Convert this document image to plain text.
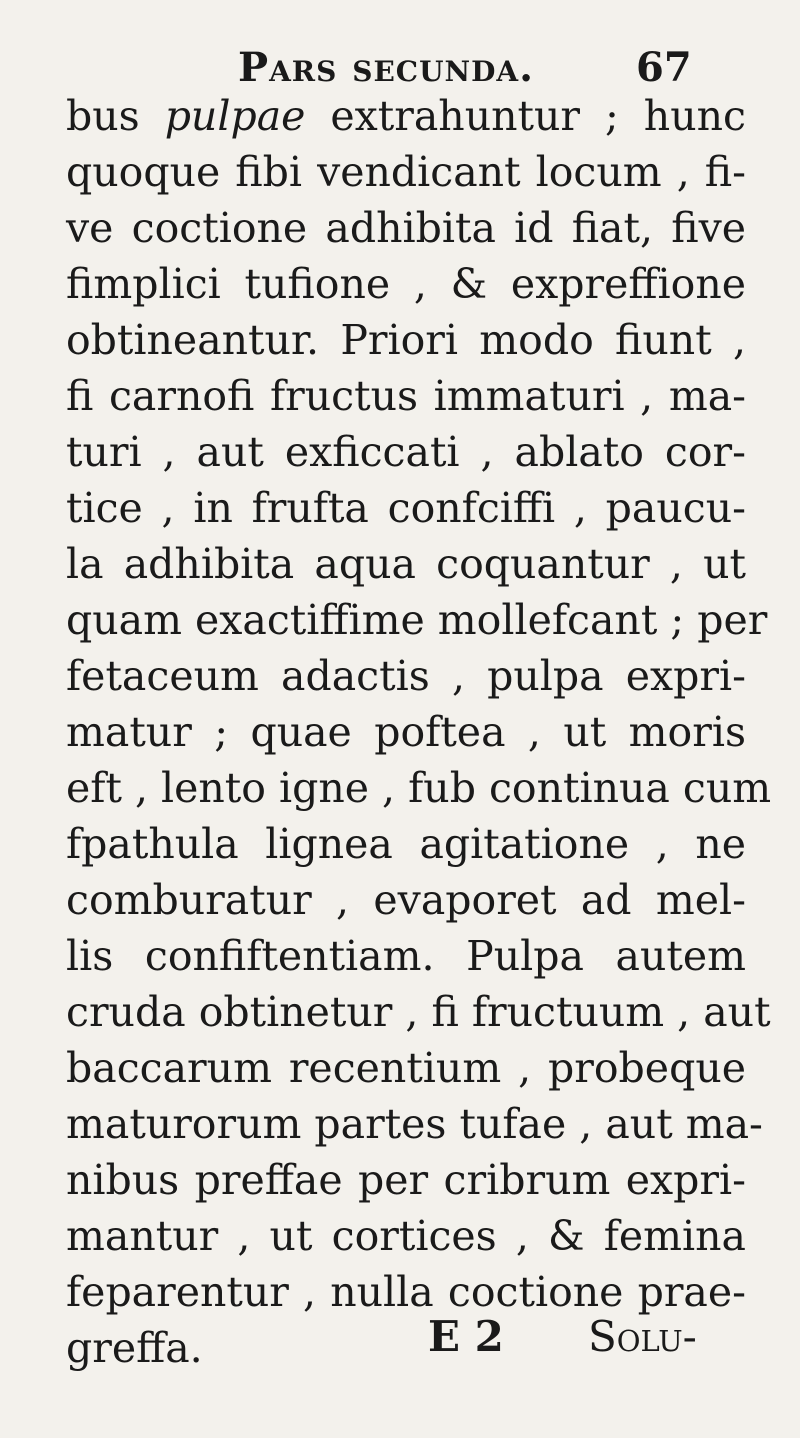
Pars secunda.	67
bus pulpae extrahuntur ; hunc
quoque fibi vendicant locum , fi-
ve coctione adhibita id fiat, five
fimplici tufione , & expreffione
obtineantur. Priori modo fiunt ,
fi carnofi fructus immaturi , ma-
turi , aut exficcati , ablato cor-
tice , in frufta confciffi , paucu-
la adhibita aqua coquantur , ut
quam exactiffime mollefcant ; per
fetaceum adactis , pulpa expri-
matur ; quae poftea , ut moris
eft , lento igne , fub continua cum
fpathula lignea agitatione , ne
comburatur , evaporet ad mel-
lis confiftentiam. Pulpa autem
cruda obtinetur , fi fructuum , aut
baccarum recentium , probeque
maturorum partes tufae , aut ma-
nibus preffae per cribrum expri-
mantur , ut cortices , & femina
feparentur , nulla coctione prae-
greffa.	E 2 Solu-
